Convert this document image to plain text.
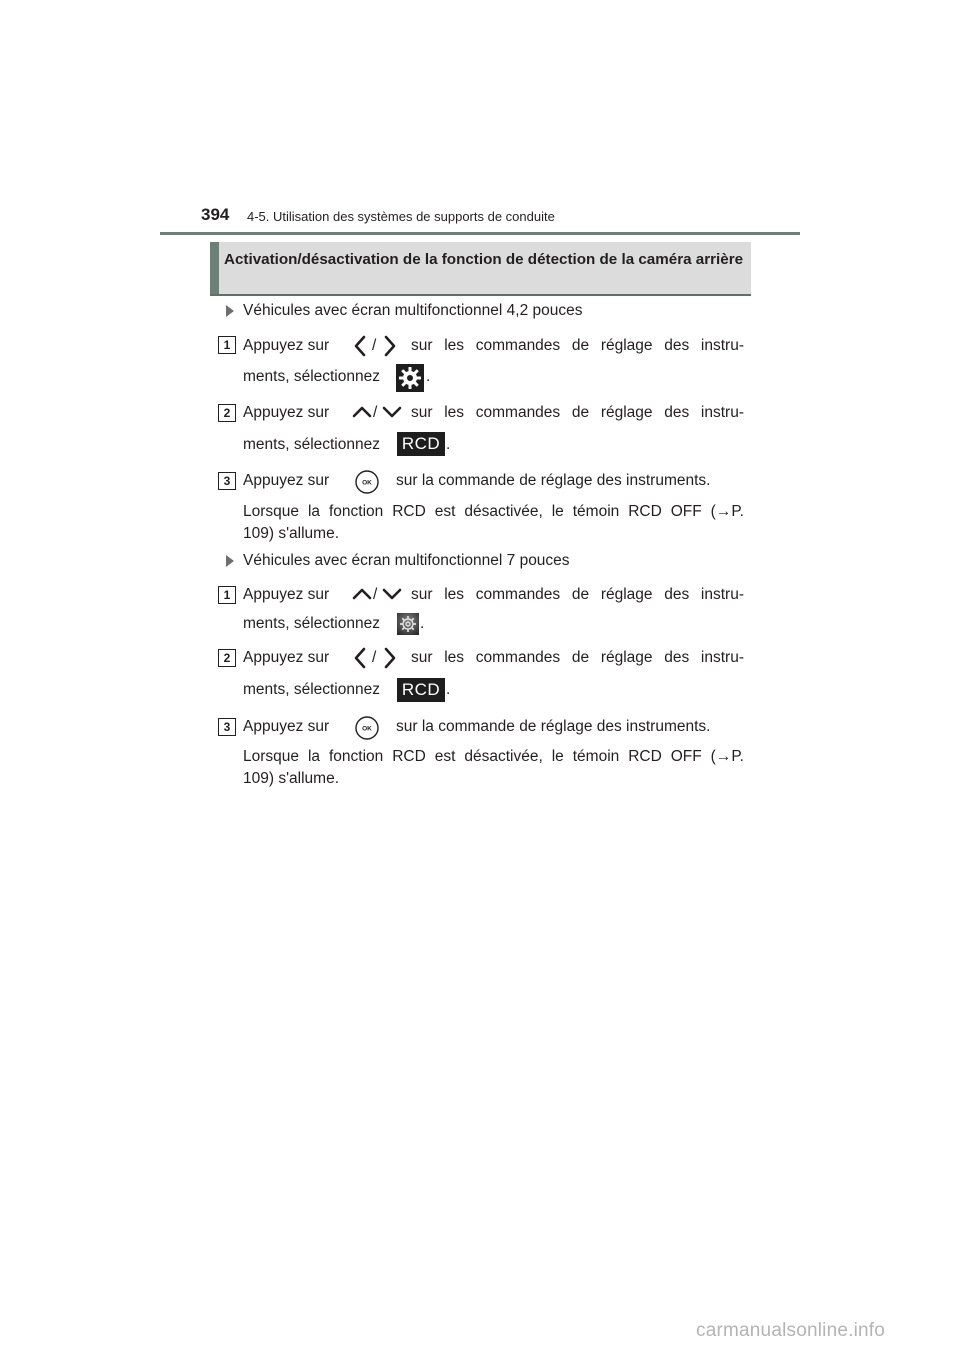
394 4-5. Utilisation des systèmes de supports de conduite
Activation/désactivation de la fonction de détection de la caméra arrière
Véhicules avec écran multifonctionnel 4,2 pouces
1 Appuyez sur	/ sur les commandes de réglage des instru-
ments, sélectionnez	.
2 Appuyez sur	/ sur les commandes de réglage des instru-
ments, sélectionnez RCD .
3 Appuyez sur	OK sur la commande de réglage des instruments.
Lorsque la fonction RCD est désactivée, le témoin RCD OFF (→P.
109) s'allume.
Véhicules avec écran multifonctionnel 7 pouces
1 Appuyez sur	/ sur les commandes de réglage des instru-
ments, sélectionnez	.
2 Appuyez sur	/ sur les commandes de réglage des instru-
ments, sélectionnez RCD .
3 Appuyez sur	OK sur la commande de réglage des instruments.
Lorsque la fonction RCD est désactivée, le témoin RCD OFF (→P.
109) s'allume.
carmanualsonline.info
